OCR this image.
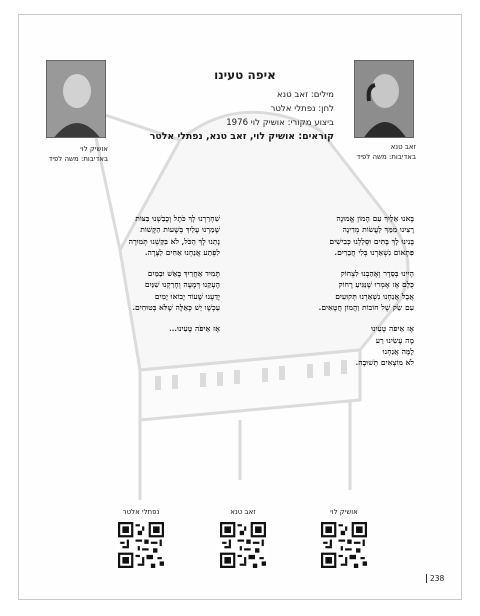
זאב טנא
באדיבות: משה לפיד
אושיק לוי
באדיבות: משה לפיד
איפה טעינו
מילים: זאב טנא
לחן: נפתלי אלטר
ביצוע מקורי: אושיק לוי 1976
קוראים: אושיק לוי, זאב טנא, נפתלי אלטר
בָּאנוּ אֵלַיִךְ עִם הָמוֹן אֱמוּנָה
רָצִינוּ מִמֵּךְ לַעֲשׂוֹת מְדִינָה
בָּנִינוּ לָךְ בָּתִּים וּסְלַלְנוּ כְּבִישִׁים
פִּתְאוֹם נִשְׁאַרְנוּ בְּלִי חֲבֵרִים.
הָיִינוּ בְּסֵדֶר וְאָהַבְנוּ לִצְחוֹק
כֻּלָּם אָז אָמְרוּ שֶׁנַּגִּיעַ רָחוֹק
אֲבָל אֲנַחְנוּ נִשְׁאַרְנוּ תְּקוּעִים
עִם שַׂק שֶׁל חוֹבוֹת וַהֲמוֹן חֲטָאִים.
אָז אֵיפֹה טָעִינוּ
מָה עָשִׂינוּ רַע
לָמָּה אֲנַחְנוּ
לֹא מוֹצְאִים תְּשׁוּבָה.
שִׁחְרַרְנוּ לָךְ כֹּתֶל וְכָבַשְׁנוּ בִּצּוֹת
שָׁמַרְנוּ עָלַיִךְ בְּשָׁעוֹת הַקָּשׁוֹת
נָתַנוּ לָךְ הַכֹּל, לֹא בִּקַּשְׁנוּ תְּמוּרָה
לִפְתַע אֲנַחְנוּ אַחִים לַצָּרָה.
תָּמִיד אַחֲרַיִךְ בָּאֵשׁ וּבַמַּיִם
הֶעְקַנוּ דְּמָעָה וְחָרַקְנוּ שִׁנַּיִם
יָדַעְנוּ שֶׁעוֹד יָבוֹאוּ יָמִים
עַכְשָׁו יֵשׁ כָּאֵלֶּה שֶׁלֹּא בְּטוּחִים.
אָז אֵיפֹה טָעִינוּ...
אושיק לוי
זאב טנא
נפתלי אלטר
238
